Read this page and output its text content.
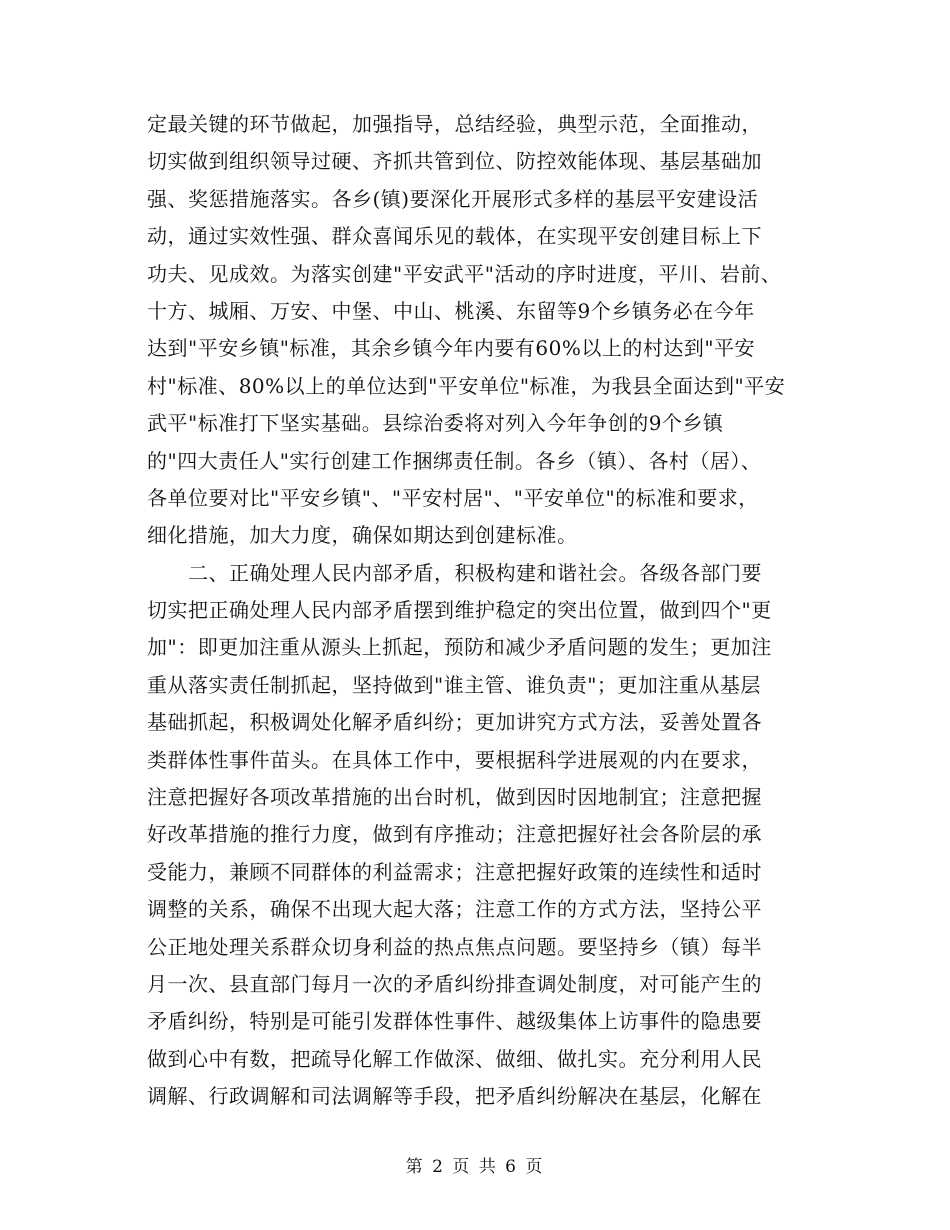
定最关键的环节做起，加强指导，总结经验，典型示范，全面推动，
切实做到组织领导过硬、齐抓共管到位、防控效能体现、基层基础加
强、奖惩措施落实。各乡(镇)要深化开展形式多样的基层平安建设活
动，通过实效性强、群众喜闻乐见的载体，在实现平安创建目标上下
功夫、见成效。为落实创建"平安武平"活动的序时进度，平川、岩前、
十方、城厢、万安、中堡、中山、桃溪、东留等9个乡镇务必在今年
达到"平安乡镇"标准，其余乡镇今年内要有60%以上的村达到"平安
村"标准、80%以上的单位达到"平安单位"标准，为我县全面达到"平安
武平"标准打下坚实基础。县综治委将对列入今年争创的9个乡镇
的"四大责任人"实行创建工作捆绑责任制。各乡（镇）、各村（居）、
各单位要对比"平安乡镇"、"平安村居"、"平安单位"的标准和要求，
细化措施，加大力度，确保如期达到创建标准。
　　二、正确处理人民内部矛盾，积极构建和谐社会。各级各部门要
切实把正确处理人民内部矛盾摆到维护稳定的突出位置，做到四个"更
加"：即更加注重从源头上抓起，预防和减少矛盾问题的发生；更加注
重从落实责任制抓起，坚持做到"谁主管、谁负责"；更加注重从基层
基础抓起，积极调处化解矛盾纠纷；更加讲究方式方法，妥善处置各
类群体性事件苗头。在具体工作中，要根据科学进展观的内在要求，
注意把握好各项改革措施的出台时机，做到因时因地制宜；注意把握
好改革措施的推行力度，做到有序推动；注意把握好社会各阶层的承
受能力，兼顾不同群体的利益需求；注意把握好政策的连续性和适时
调整的关系，确保不出现大起大落；注意工作的方式方法，坚持公平
公正地处理关系群众切身利益的热点焦点问题。要坚持乡（镇）每半
月一次、县直部门每月一次的矛盾纠纷排查调处制度，对可能产生的
矛盾纠纷，特别是可能引发群体性事件、越级集体上访事件的隐患要
做到心中有数，把疏导化解工作做深、做细、做扎实。充分利用人民
调解、行政调解和司法调解等手段，把矛盾纠纷解决在基层，化解在
第 2 页 共 6 页
